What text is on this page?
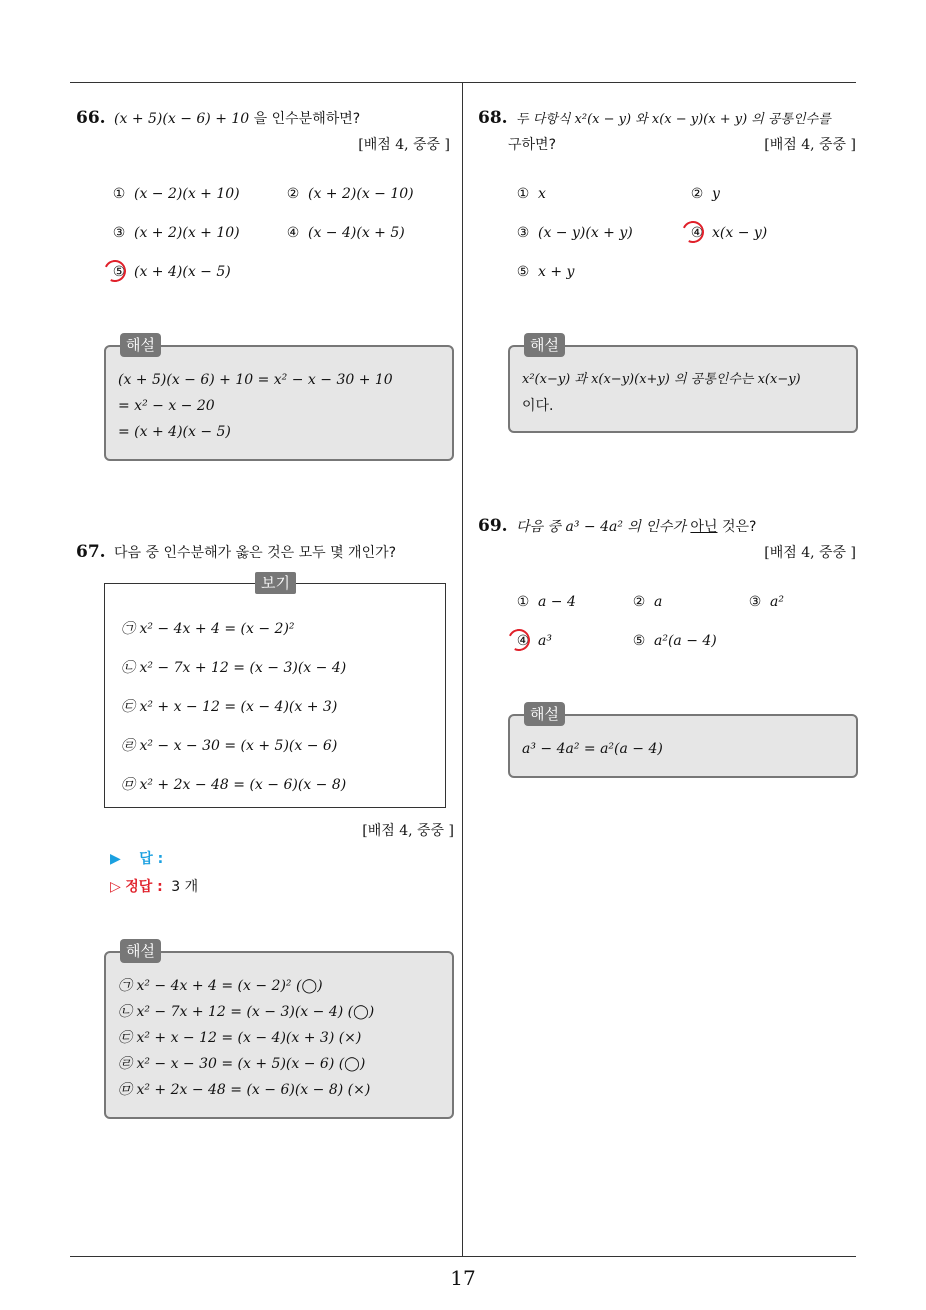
66. (x + 5)(x − 6) + 10 을 인수분해하면?
[배점 4, 중중 ]
① (x − 2)(x + 10)	② (x + 2)(x − 10)
③ (x + 2)(x + 10)	④ (x − 4)(x + 5)
⑤ (x + 4)(x − 5)
해설
(x + 5)(x − 6) + 10 = x² − x − 30 + 10
= x² − x − 20
= (x + 4)(x − 5)
67. 다음 중 인수분해가 옳은 것은 모두 몇 개인가?
보기
㉠ x² − 4x + 4 = (x − 2)²
㉡ x² − 7x + 12 = (x − 3)(x − 4)
㉢ x² + x − 12 = (x − 4)(x + 3)
㉣ x² − x − 30 = (x + 5)(x − 6)
㉤ x² + 2x − 48 = (x − 6)(x − 8)
[배점 4, 중중 ]
▶ 답 :
▷ 정답 : 3 개
해설
㉠ x² − 4x + 4 = (x − 2)² (◯)
㉡ x² − 7x + 12 = (x − 3)(x − 4) (◯)
㉢ x² + x − 12 = (x − 4)(x + 3) (×)
㉣ x² − x − 30 = (x + 5)(x − 6) (◯)
㉤ x² + 2x − 48 = (x − 6)(x − 8) (×)
68. 두 다항식 x²(x − y) 와 x(x − y)(x + y) 의 공통인수를
구하면?	[배점 4, 중중 ]
① x	② y
③ (x − y)(x + y)	④ x(x − y)
⑤ x + y
해설
x²(x−y) 과 x(x−y)(x+y) 의 공통인수는 x(x−y)
이다.
69. 다음 중 a³ − 4a² 의 인수가 아닌 것은?
[배점 4, 중중 ]
① a − 4	② a	③ a²
④ a³	⑤ a²(a − 4)
해설
a³ − 4a² = a²(a − 4)
17
